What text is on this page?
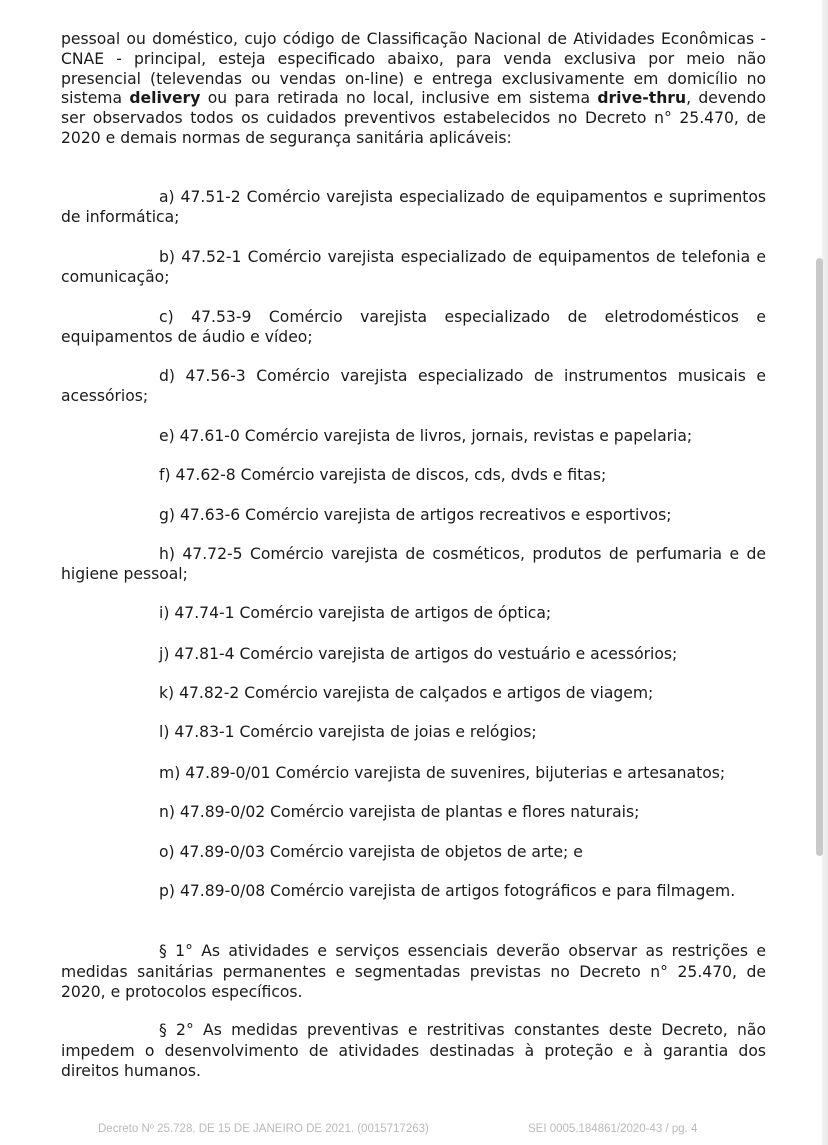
pessoal ou doméstico, cujo código de Classificação Nacional de Atividades Econômicas - CNAE - principal, esteja especificado abaixo, para venda exclusiva por meio não presencial (televendas ou vendas on-line) e entrega exclusivamente em domicílio no sistema delivery ou para retirada no local, inclusive em sistema drive-thru, devendo ser observados todos os cuidados preventivos estabelecidos no Decreto n° 25.470, de 2020 e demais normas de segurança sanitária aplicáveis:

a) 47.51-2 Comércio varejista especializado de equipamentos e suprimentos de informática;

b) 47.52-1 Comércio varejista especializado de equipamentos de telefonia e comunicação;

c) 47.53-9 Comércio varejista especializado de eletrodomésticos e equipamentos de áudio e vídeo;

d) 47.56-3 Comércio varejista especializado de instrumentos musicais e acessórios;

e) 47.61-0 Comércio varejista de livros, jornais, revistas e papelaria;

f) 47.62-8 Comércio varejista de discos, cds, dvds e fitas;

g) 47.63-6 Comércio varejista de artigos recreativos e esportivos;

h) 47.72-5 Comércio varejista de cosméticos, produtos de perfumaria e de higiene pessoal;

i) 47.74-1 Comércio varejista de artigos de óptica;

j) 47.81-4 Comércio varejista de artigos do vestuário e acessórios;

k) 47.82-2 Comércio varejista de calçados e artigos de viagem;

l) 47.83-1 Comércio varejista de joias e relógios;

m) 47.89-0/01 Comércio varejista de suvenires, bijuterias e artesanatos;

n) 47.89-0/02 Comércio varejista de plantas e flores naturais;

o) 47.89-0/03 Comércio varejista de objetos de arte; e

p) 47.89-0/08 Comércio varejista de artigos fotográficos e para filmagem.

§ 1° As atividades e serviços essenciais deverão observar as restrições e medidas sanitárias permanentes e segmentadas previstas no Decreto n° 25.470, de 2020, e protocolos específicos.

§ 2° As medidas preventivas e restritivas constantes deste Decreto, não impedem o desenvolvimento de atividades destinadas à proteção e à garantia dos direitos humanos.

Decreto Nº 25.728, DE 15 DE JANEIRO DE 2021. (0015717263)	SEI 0005.184861/2020-43 / pg. 4
